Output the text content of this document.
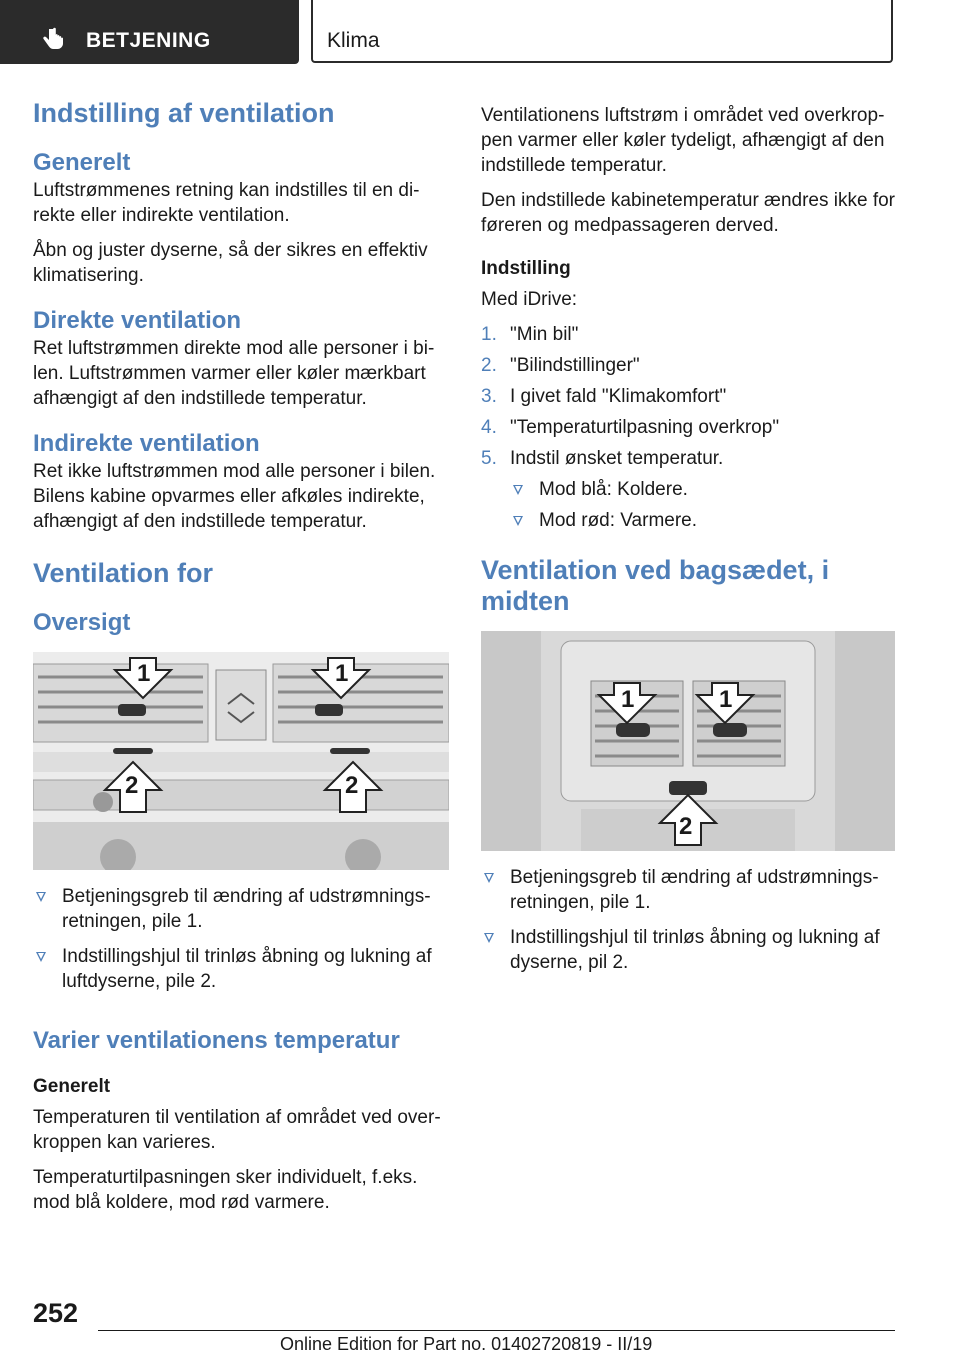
BETJENING	Klima
Indstilling af ventilation
Generelt

Luftstrømmenes retning kan indstilles til en direkte eller indirekte ventilation.

Åbn og juster dyserne, så der sikres en effektiv klimatisering.

Direkte ventilation

Ret luftstrømmen direkte mod alle personer i bilen. Luftstrømmen varmer eller køler mærkbart afhængigt af den indstillede temperatur.

Indirekte ventilation

Ret ikke luftstrømmen mod alle personer i bilen. Bilens kabine opvarmes eller afkøles indirekte, afhængigt af den indstillede temperatur.

Ventilation for
Oversigt
1	1
2	2
Betjeningsgreb til ændring af udstrømningsretningen, pile 1.
Indstillingshjul til trinløs åbning og lukning af luftdyserne, pile 2.
Varier ventilationens temperatur

Generelt

Temperaturen til ventilation af området ved overkroppen kan varieres.

Temperaturtilpasningen sker individuelt, f.eks. mod blå koldere, mod rød varmere.

Ventilationens luftstrøm i området ved overkroppen varmer eller køler tydeligt, afhængigt af den indstillede temperatur.

Den indstillede kabinetemperatur ændres ikke for føreren og medpassageren derved.

Indstilling

Med iDrive:

1. "Min bil"
2. "Bilindstillinger"
3. I givet fald "Klimakomfort"
4. "Temperaturtilpasning overkrop"
5. Indstil ønsket temperatur.
Mod blå: Koldere.
Mod rød: Varmere.
Ventilation ved bagsædet, i midten
1	1
2
Betjeningsgreb til ændring af udstrømningsretningen, pile 1.
Indstillingshjul til trinløs åbning og lukning af dyserne, pil 2.
252
Online Edition for Part no. 01402720819 - II/19
